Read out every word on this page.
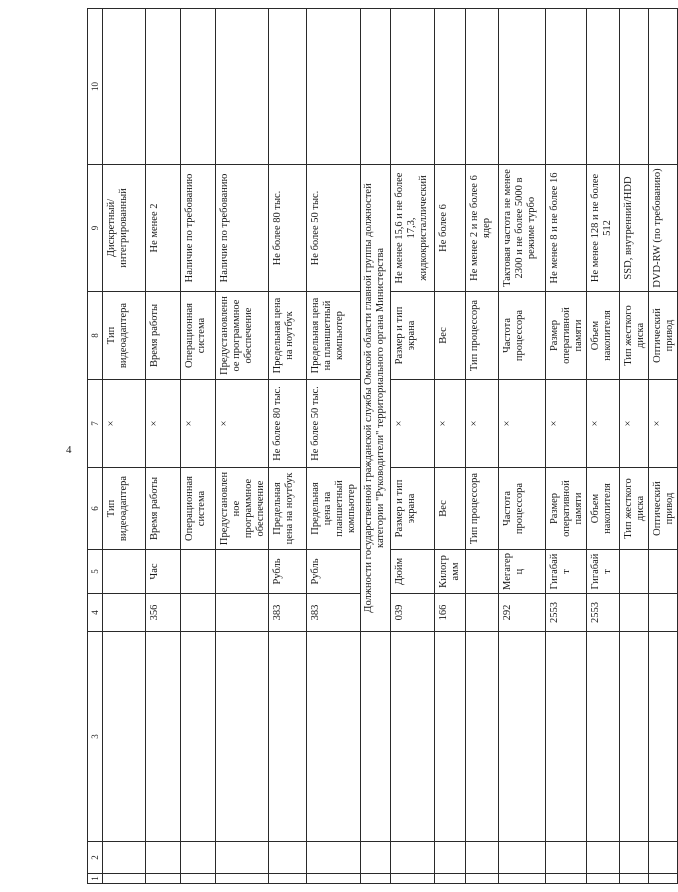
4
1	2	3	4	5	6	7	8	9	10
					Тип видеоадаптера	×	Тип видеоадаптера	Дискретный/ интегрированный	
			356	Час	Время работы	×	Время работы	Не менее 2	
					Операционная система	×	Операционная система	Наличие по требованию	
					Предустановленное программное обеспечение	×	Предустановленное программное обеспечение	Наличие по требованию	
			383	Рубль	Предельная цена на ноутбук	Не более 80 тыс.	Предельная цена на ноутбук	Не более 80 тыс.	
			383	Рубль	Предельная цена на планшетный компьютер	Не более 50 тыс.	Предельная цена на планшетный компьютер	Не более 50 тыс.	
			Должности государственной гражданской службы Омской области главной группы должностей категории "Руководители" территориального органа Министерства						
			039	Дюйм	Размер и тип экрана	×	Размер и тип экрана	Не менее 15,6 и не более 17,3, жидкокристаллический	
			166	Килограмм	Вес	×	Вес	Не более 6	
					Тип процессора	×	Тип процессора	Не менее 2 и не более 6 ядер	
			292	Мегагерц	Частота процессора	×	Частота процессора	Тактовая частота не менее 2300 и не более 5000 в режиме турбо	
			2553	Гигабайт	Размер оперативной памяти	×	Размер оперативной памяти	Не менее 8 и не более 16	
			2553	Гигабайт	Объем накопителя	×	Объем накопителя	Не менее 128 и не более 512	
					Тип жесткого диска	×	Тип жесткого диска	SSD, внутренний/HDD	
					Оптический привод	×	Оптический привод	DVD-RW (по требованию)	
